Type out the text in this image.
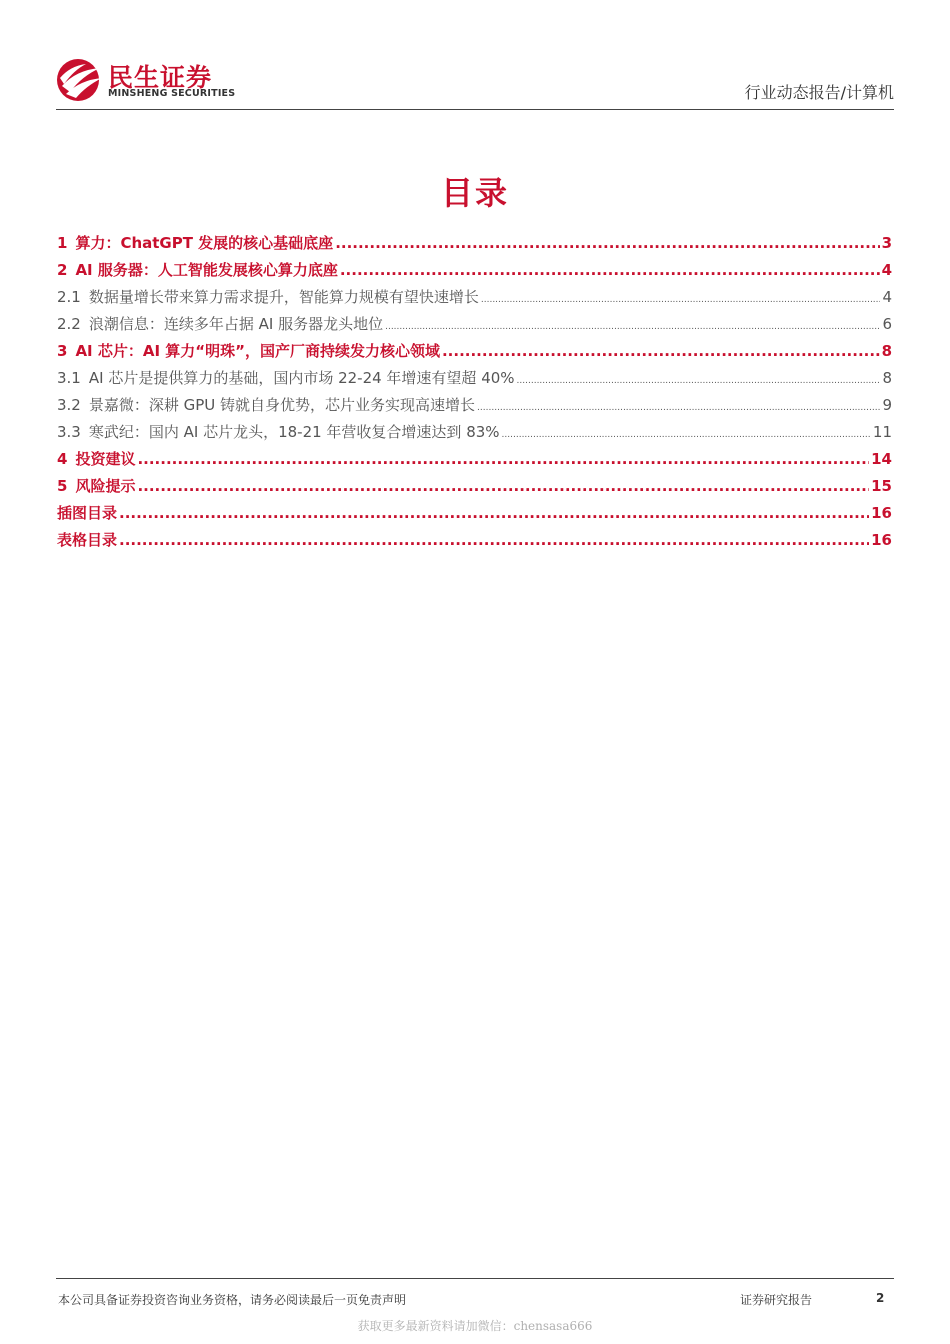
民生证券
MINSHENG SECURITIES	行业动态报告/计算机
目录
1 算力：ChatGPT 发展的核心基础底座 .....	3
2 AI 服务器：人工智能发展核心算力底座 .....	4
2.1 数据量增长带来算力需求提升，智能算力规模有望快速增长 .....	4
2.2 浪潮信息：连续多年占据 AI 服务器龙头地位 .....	6
3 AI 芯片：AI 算力“明珠”，国产厂商持续发力核心领域 .....	8
3.1 AI 芯片是提供算力的基础，国内市场 22-24 年增速有望超 40% .....	8
3.2 景嘉微：深耕 GPU 铸就自身优势，芯片业务实现高速增长 .....	9
3.3 寒武纪：国内 AI 芯片龙头，18-21 年营收复合增速达到 83% .....	11
4 投资建议 .....	14
5 风险提示 .....	15
插图目录 .....	16
表格目录 .....	16
本公司具备证券投资咨询业务资格，请务必阅读最后一页免责声明	证券研究报告	2
获取更多最新资料请加微信：chensasa666
